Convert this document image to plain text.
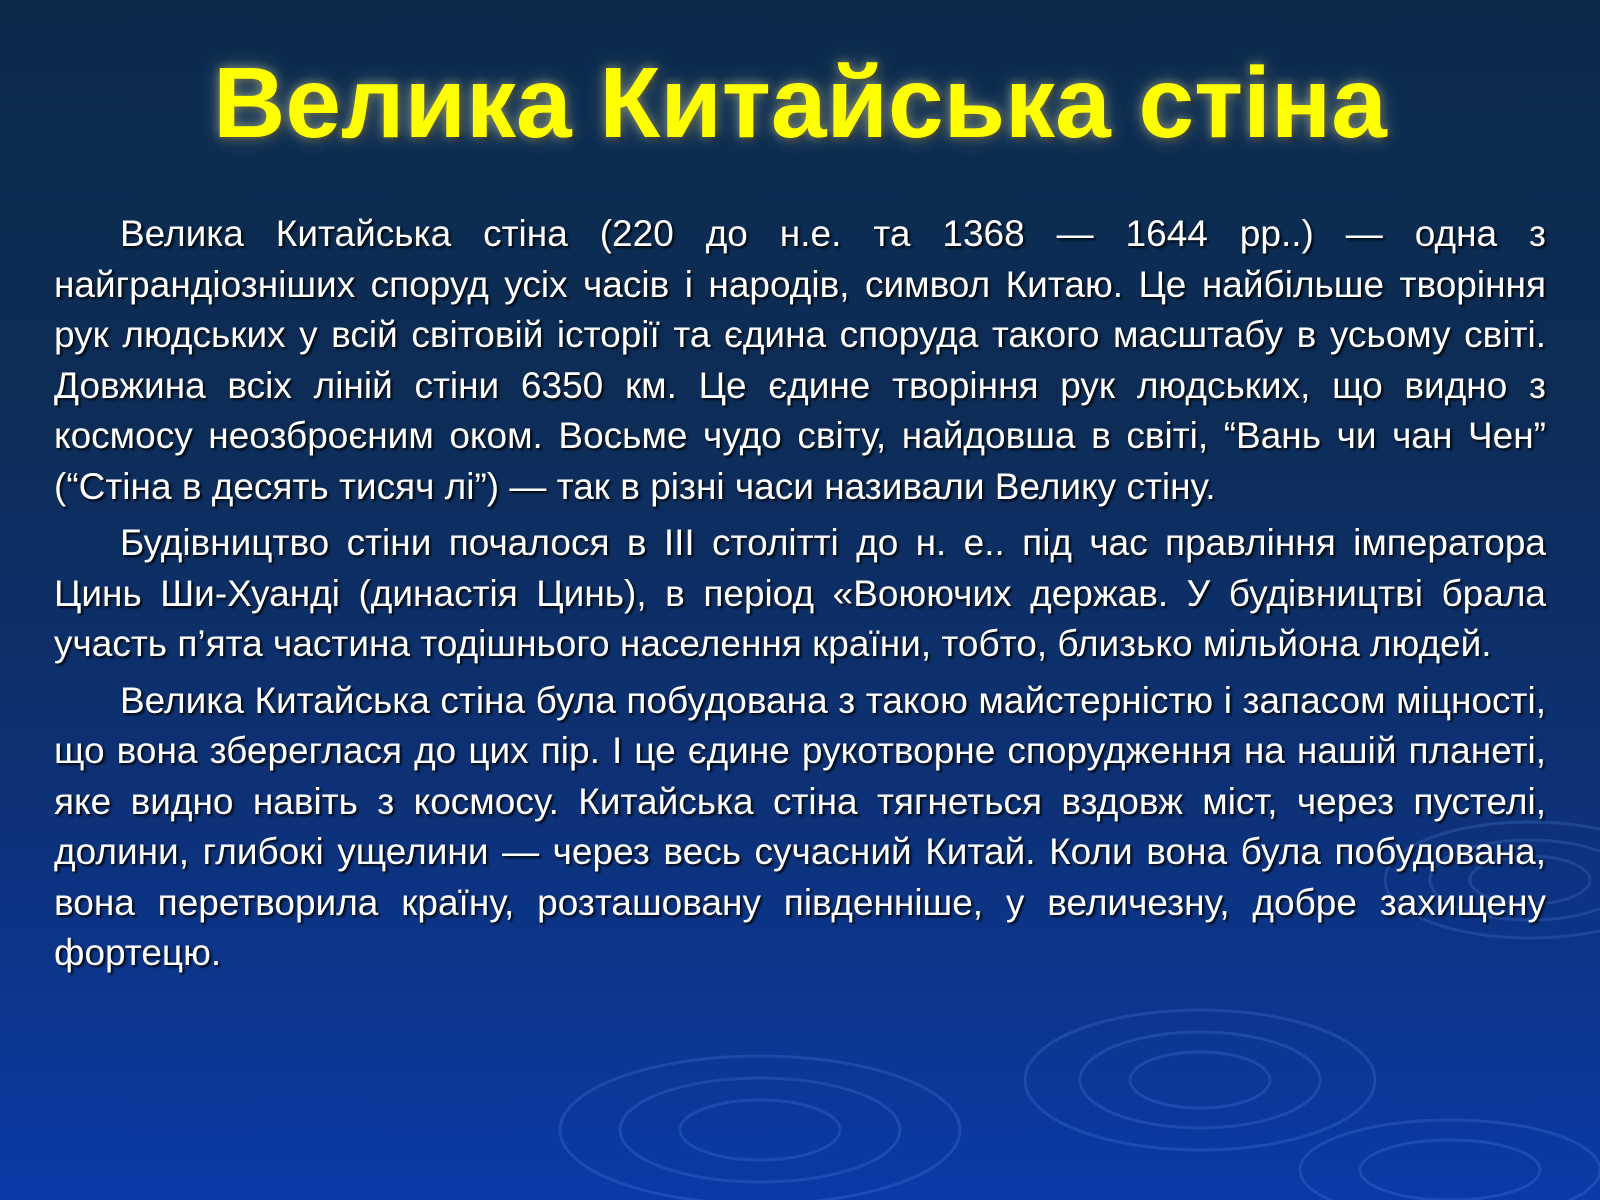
Велика Китайська стіна

Велика Китайська стіна (220 до н.е. та 1368 — 1644 рр..) — одна з найграндіозніших споруд усіх часів і народів, символ Китаю. Це найбільше творіння рук людських у всій світовій історії та єдина споруда такого масштабу в усьому світі. Довжина всіх ліній стіни 6350 км. Це єдине творіння рук людських, що видно з космосу неозброєним оком. Восьме чудо світу, найдовша в світі, “Вань чи чан Чен” (“Стіна в десять тисяч лі”) — так в різні часи називали Велику стіну.

Будівництво стіни почалося в III столітті до н. е.. під час правління імператора Цинь Ши-Хуанді (династія Цинь), в період «Воюючих держав. У будівництві брала участь п’ята частина тодішнього населення країни, тобто, близько мільйона людей.

Велика Китайська стіна була побудована з такою майстерністю і запасом міцності, що вона збереглася до цих пір. І це єдине рукотворне спорудження на нашій планеті, яке видно навіть з космосу. Китайська стіна тягнеться вздовж міст, через пустелі, долини, глибокі ущелини — через весь сучасний Китай. Коли вона була побудована, вона перетворила країну, розташовану південніше, у величезну, добре захищену фортецю.
